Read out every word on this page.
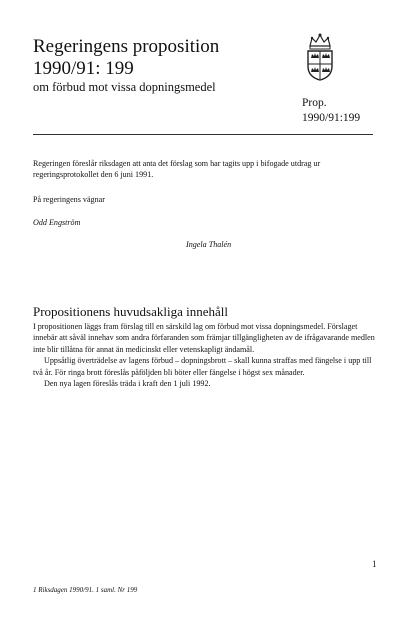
Regeringens proposition
1990/91: 199
om förbud mot vissa dopningsmedel
Prop.
1990/91:199
Regeringen föreslår riksdagen att anta det förslag som har tagits upp i bifogade utdrag ur regeringsprotokollet den 6 juni 1991.
På regeringens vägnar
Odd Engström
Ingela Thalén
Propositionens huvudsakliga innehåll

I propositionen läggs fram förslag till en särskild lag om förbud mot vissa dopningsmedel. Förslaget innebär att såväl innehav som andra förfaranden som främjar tillgängligheten av de ifrågavarande medlen inte blir tillåtna för annat än medicinskt eller vetenskapligt ändamål.

Uppsåtlig överträdelse av lagens förbud – dopningsbrott – skall kunna straffas med fängelse i upp till två år. För ringa brott föreslås påföljden bli böter eller fängelse i högst sex månader.

Den nya lagen föreslås träda i kraft den 1 juli 1992.

1
1 Riksdagen 1990/91. 1 saml. Nr 199
